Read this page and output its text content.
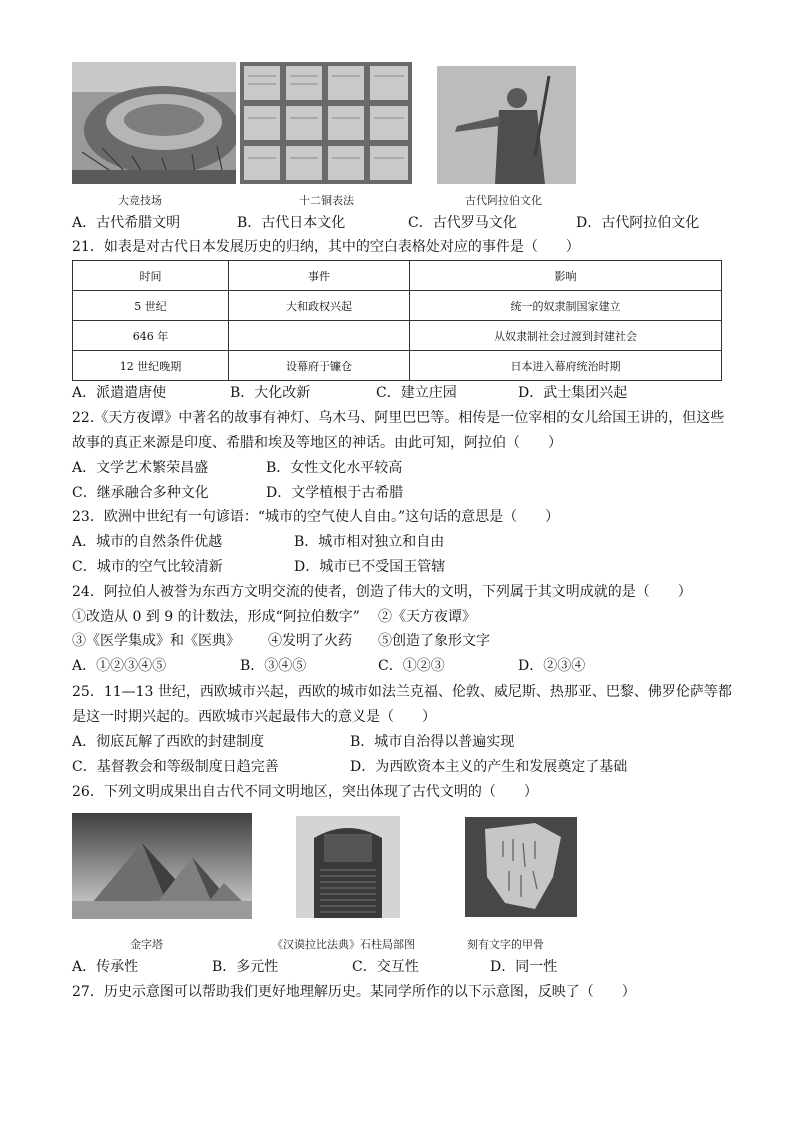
大竞技场	十二铜表法	古代阿拉伯文化
A．古代希腊文明	B．古代日本文化	C．古代罗马文化	D．古代阿拉伯文化
21．如表是对古代日本发展历史的归纳，其中的空白表格处对应的事件是（　　）
时间	事件	影响
5 世纪	大和政权兴起	统一的奴隶制国家建立
646 年		从奴隶制社会过渡到封建社会
12 世纪晚期	设幕府于镰仓	日本进入幕府统治时期
A．派遣遣唐使	B．大化改新	C．建立庄园	D．武士集团兴起
22.《天方夜谭》中著名的故事有神灯、乌木马、阿里巴巴等。相传是一位宰相的女儿给国王讲的，但这些
故事的真正来源是印度、希腊和埃及等地区的神话。由此可知，阿拉伯（　　）
A．文学艺术繁荣昌盛	B．女性文化水平较高
C．继承融合多种文化	D．文学植根于古希腊
23．欧洲中世纪有一句谚语：“城市的空气使人自由。”这句话的意思是（　　）
A．城市的自然条件优越	B．城市相对独立和自由
C．城市的空气比较清新	D．城市已不受国王管辖
24．阿拉伯人被誉为东西方文明交流的使者，创造了伟大的文明，下列属于其文明成就的是（　　）
①改造从 0 到 9 的计数法，形成“阿拉伯数字” ②《天方夜谭》
③《医学集成》和《医典》 ④发明了火药 ⑤创造了象形文字
A．①②③④⑤	B．③④⑤	C．①②③	D．②③④
25．11—13 世纪，西欧城市兴起，西欧的城市如法兰克福、伦敦、威尼斯、热那亚、巴黎、佛罗伦萨等都
是这一时期兴起的。西欧城市兴起最伟大的意义是（　　）
A．彻底瓦解了西欧的封建制度	B．城市自治得以普遍实现
C．基督教会和等级制度日趋完善	D．为西欧资本主义的产生和发展奠定了基础
26．下列文明成果出自古代不同文明地区，突出体现了古代文明的（　　）
金字塔	《汉谟拉比法典》石柱局部图	刻有文字的甲骨
A．传承性	B．多元性	C．交互性	D．同一性
27．历史示意图可以帮助我们更好地理解历史。某同学所作的以下示意图，反映了（　　）
